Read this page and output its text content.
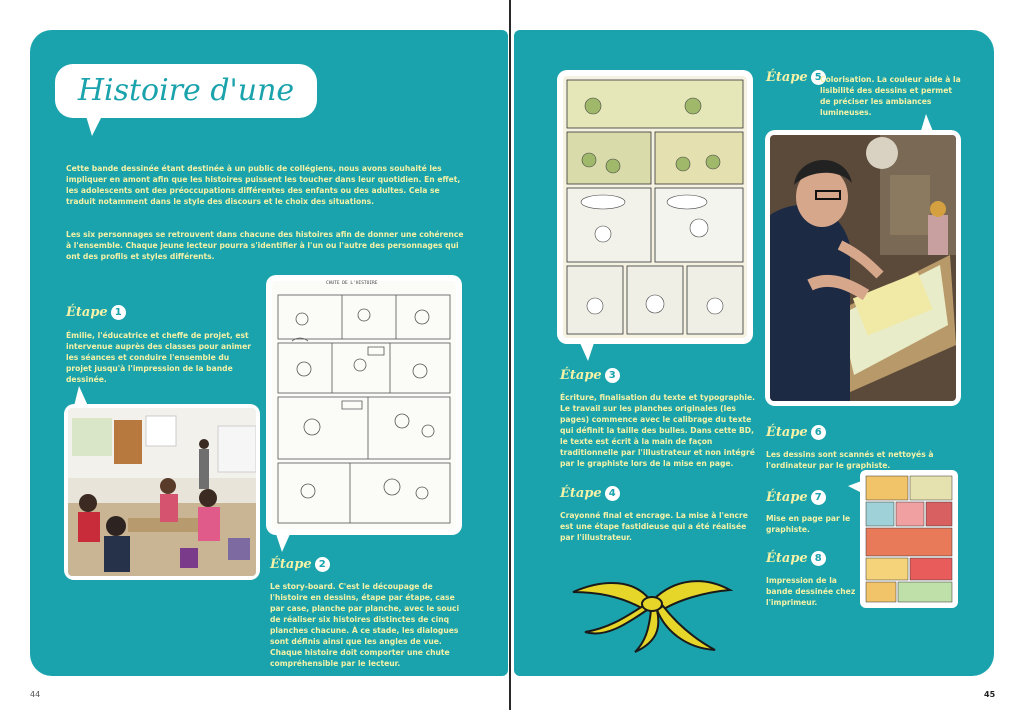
Histoire d'une BD
Cette bande dessinée étant destinée à un public de collégiens, nous avons souhaité les impliquer en amont afin que les histoires puissent les toucher dans leur quotidien. En effet, les adolescents ont des préoccupations différentes des enfants ou des adultes. Cela se traduit notamment dans le style des discours et le choix des situations.
Les six personnages se retrouvent dans chacune des histoires afin de donner une cohérence à l'ensemble. Chaque jeune lecteur pourra s'identifier à l'un ou l'autre des personnages qui ont des profils et styles différents.
Étape 1
Émilie, l'éducatrice et cheffe de projet, est intervenue auprès des classes pour animer les séances et conduire l'ensemble du projet jusqu'à l'impression de la bande dessinée.
CHUTE DE L'HISTOIRE
Étape 2
Le story-board. C'est le découpage de l'histoire en dessins, étape par étape, case par case, planche par planche, avec le souci de réaliser six histoires distinctes de cinq planches chacune. À ce stade, les dialogues sont définis ainsi que les angles de vue. Chaque histoire doit comporter une chute compréhensible par le lecteur.
Étape 3
Écriture, finalisation du texte et typographie. Le travail sur les planches originales (les pages) commence avec le calibrage du texte qui définit la taille des bulles. Dans cette BD, le texte est écrit à la main de façon traditionnelle par l'illustrateur et non intégré par le graphiste lors de la mise en page.
Étape 4
Crayonné final et encrage. La mise à l'encre est une étape fastidieuse qui a été réalisée par l'illustrateur.
Étape 5
Colorisation. La couleur aide à la lisibilité des dessins et permet de préciser les ambiances lumineuses.
Étape 6
Les dessins sont scannés et nettoyés à l'ordinateur par le graphiste.
Étape 7
Mise en page par le graphiste.
Étape 8
Impression de la bande dessinée chez l'imprimeur.
44	45
